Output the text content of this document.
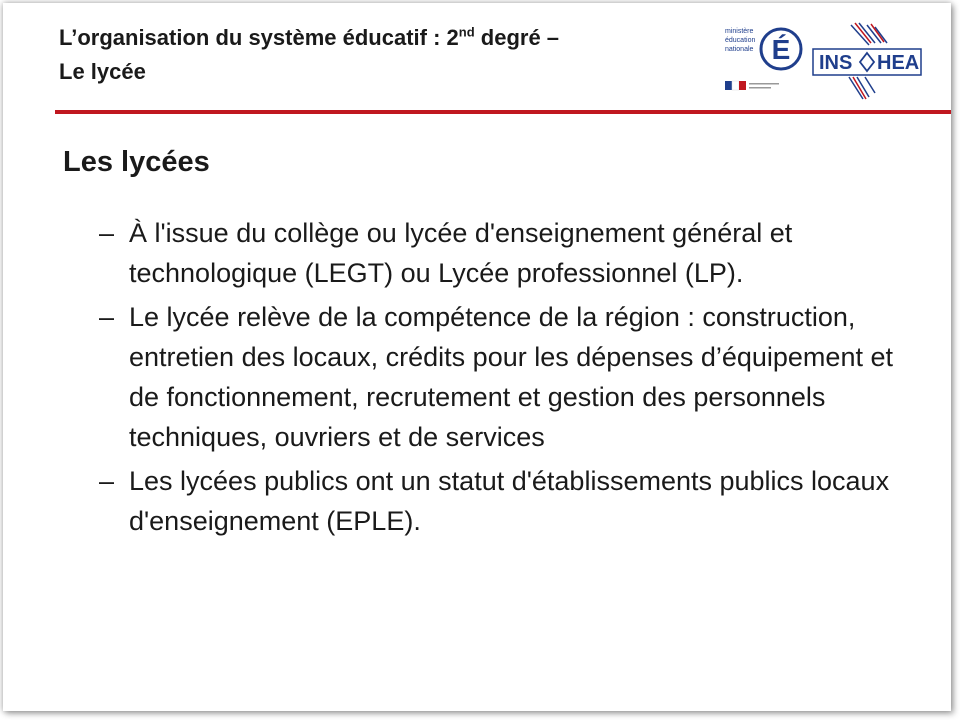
L’organisation du système éducatif : 2nd degré –
Le lycée
ministère
éducation
nationale É INS HEA
Les lycées
– À l'issue du collège ou lycée d'enseignement général et technologique (LEGT) ou Lycée professionnel (LP).
– Le lycée relève de la compétence de la région : construction, entretien des locaux, crédits pour les dépenses d’équipement et de fonctionnement, recrutement et gestion des personnels techniques, ouvriers et de services
– Les lycées publics ont un statut d'établissements publics locaux d'enseignement (EPLE).
